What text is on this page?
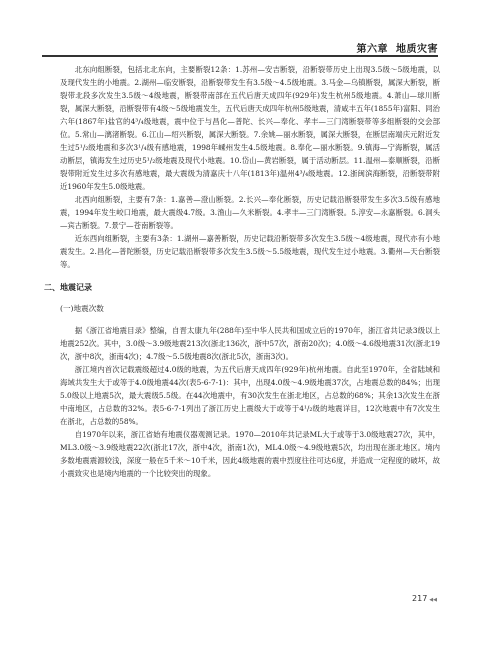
第六章 地质灾害

北东向组断裂，包括北北东向，主要断裂12条：1.苏州—安吉断裂，沿断裂带历史上出现3.5级～5级地震，以及现代发生的小地震。2.湖州—临安断裂，沿断裂带发生有3.5级～4.5级地震。3.马金—乌镇断裂，属深大断裂，断裂带北段多次发生3.5级～4级地震，断裂带南部在五代后唐天成四年(929年)发生杭州5级地震。4.萧山—球川断裂，属深大断裂，沿断裂带有4级～5级地震发生，五代后唐天成四年杭州5级地震，清咸丰五年(1855年)富阳、同治六年(1867年)盐官的4³/₄级地震，震中位于与昌化—普陀、长兴—奉化、孝丰—三门湾断裂带等多组断裂的交会部位。5.常山—漓渚断裂。6.江山—绍兴断裂，属深大断裂。7.余姚—丽水断裂，属深大断裂，在断层南端庆元附近发生过5¹/₂级地震和多次3¹/₄级有感地震，1998年嵊州发生4.5级地震。8.奉化—丽水断裂。9.镇海—宁海断裂，属活动断层，镇海发生过历史5¹/₂级地震及现代小地震。10.岱山—黄岩断裂，属于活动断层。11.温州—泰顺断裂，沿断裂带附近发生过多次有感地震，最大震级为清嘉庆十八年(1813年)温州4³/₄级地震。12.浙闽滨海断裂，沿断裂带附近1960年发生5.0级地震。

北西向组断裂，主要有7条：1.嘉善—澄山断裂。2.长兴—奉化断裂，历史记载沿断裂带发生多次3.5级有感地震，1994年发生峧口地震，最大震级4.7级。3.渔山—久米断裂。4.孝丰—三门湾断裂。5.淳安—永嘉断裂。6.洞头—宾古断裂。7.景宁—苍南断裂等。

近东西向组断裂，主要有3条：1.湖州—嘉善断裂，历史记载沿断裂带多次发生3.5级～4级地震，现代亦有小地震发生。2.昌化—普陀断裂，历史记载沿断裂带多次发生3.5级～5.5级地震，现代发生过小地震。3.衢州—天台断裂等。

二、地震记录
(一)地震次数

据《浙江省地震目录》整编，自晋太康九年(288年)至中华人民共和国成立后的1970年，浙江省共记录3级以上地震252次。其中，3.0级～3.9级地震213次(浙北136次，浙中57次，浙南20次)；4.0级～4.6级地震31次(浙北19次，浙中8次，浙南4次)；4.7级～5.5级地震8次(浙北5次，浙南3次)。

浙江境内首次记载震级超过4.0级的地震，为五代后唐天成四年(929年)杭州地震。自此至1970年，全省陆域和海域共发生大于或等于4.0级地震44次(表5-6-7-1)：其中，出现4.0级～4.9级地震37次，占地震总数的84%；出现5.0级以上地震5次，最大震级5.5级。在44次地震中，有30次发生在浙北地区，占总数的68%；其余13次发生在浙中南地区，占总数的32%。表5-6-7-1列出了浙江历史上震级大于或等于4¹/₂级的地震详目，12次地震中有7次发生在浙北，占总数的58%。

自1970年以来，浙江省始有地震仪器观测记录。1970—2010年共记录ML大于或等于3.0级地震27次，其中，ML3.0级～3.9级地震22次(浙北17次，浙中4次，浙南1次)，ML4.0级～4.9级地震5次，均出现在浙北地区。境内多数地震震源较浅，深度一般在5千米～10千米，因此4级地震的震中烈度往往可达6度，并造成一定程度的破坏，故小震致灾也是境内地震的一个比较突出的现象。

217 ◀◀
